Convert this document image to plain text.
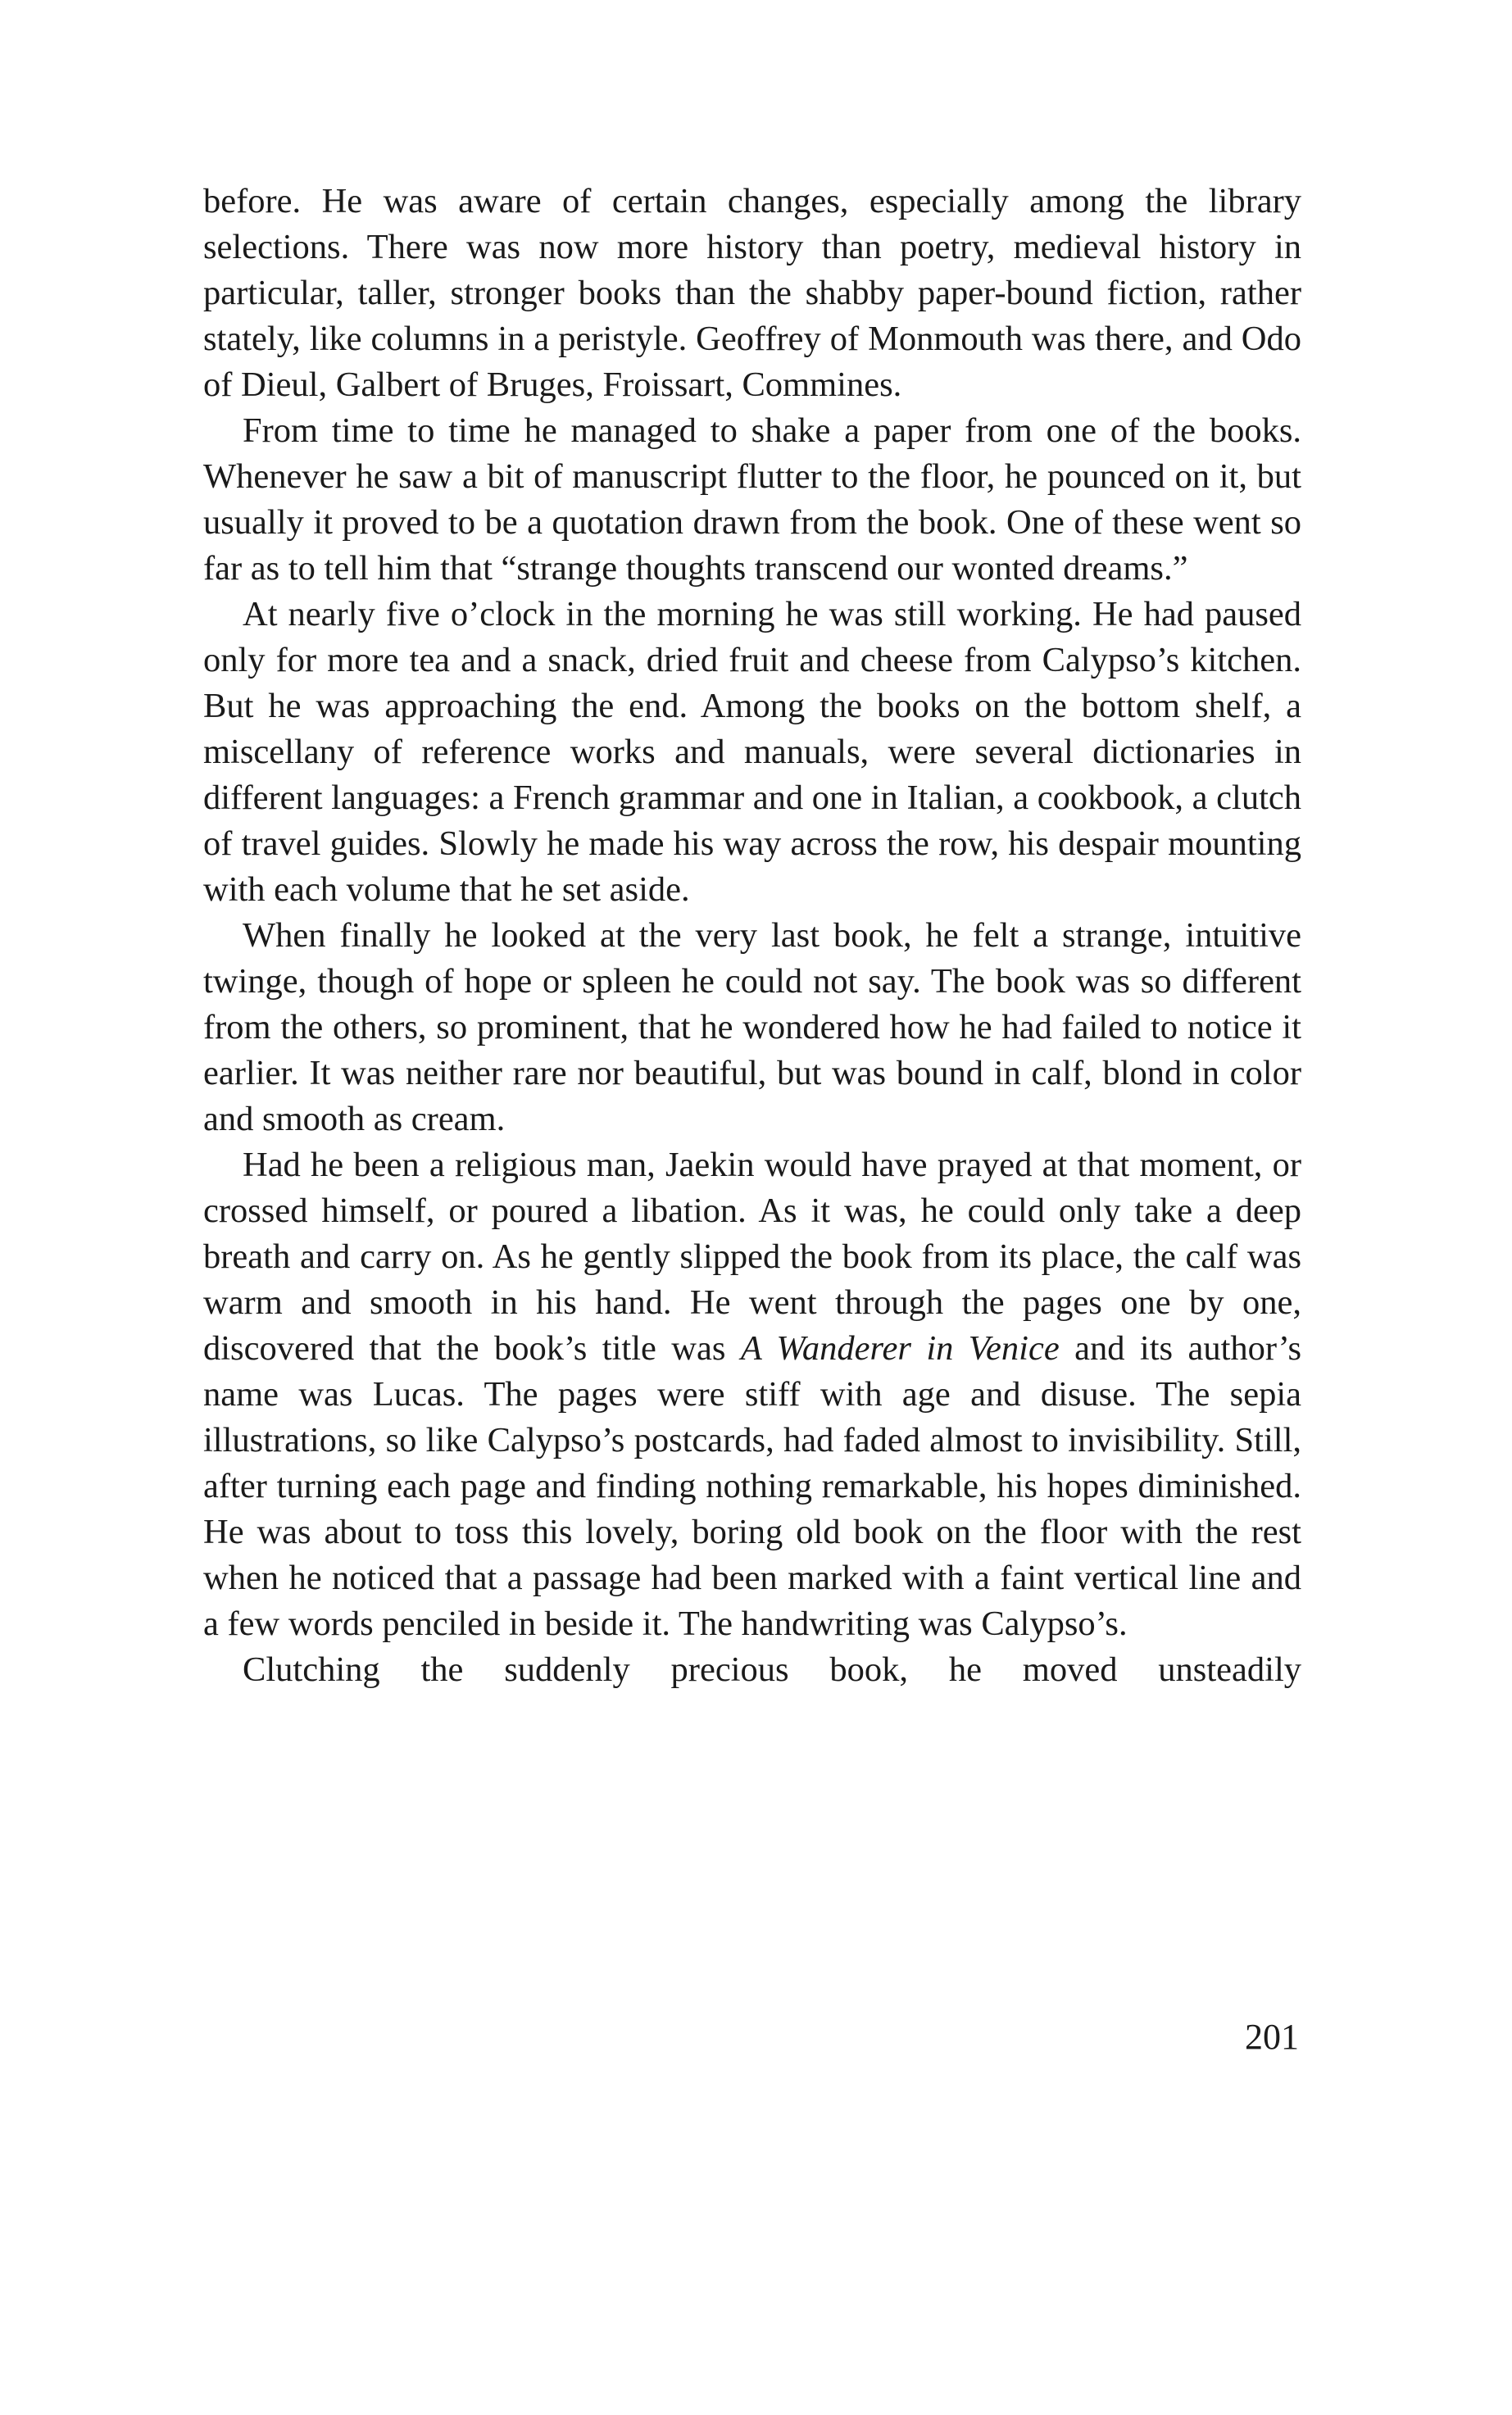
before. He was aware of certain changes, especially among the library selections. There was now more history than poetry, medieval history in particular, taller, stronger books than the shabby paper-bound fiction, rather stately, like columns in a peristyle. Geoffrey of Monmouth was there, and Odo of Dieul, Galbert of Bruges, Froissart, Commines.

From time to time he managed to shake a paper from one of the books. Whenever he saw a bit of manuscript flutter to the floor, he pounced on it, but usually it proved to be a quotation drawn from the book. One of these went so far as to tell him that “strange thoughts transcend our wonted dreams.”

At nearly five o’clock in the morning he was still working. He had paused only for more tea and a snack, dried fruit and cheese from Calypso’s kitchen. But he was approaching the end. Among the books on the bottom shelf, a miscellany of reference works and manuals, were several dictionaries in different languages: a French grammar and one in Italian, a cookbook, a clutch of travel guides. Slowly he made his way across the row, his despair mounting with each volume that he set aside.

When finally he looked at the very last book, he felt a strange, intuitive twinge, though of hope or spleen he could not say. The book was so different from the others, so prominent, that he wondered how he had failed to notice it earlier. It was neither rare nor beautiful, but was bound in calf, blond in color and smooth as cream.

Had he been a religious man, Jaekin would have prayed at that moment, or crossed himself, or poured a libation. As it was, he could only take a deep breath and carry on. As he gently slipped the book from its place, the calf was warm and smooth in his hand. He went through the pages one by one, discovered that the book’s title was A Wanderer in Venice and its author’s name was Lucas. The pages were stiff with age and disuse. The sepia illustrations, so like Calypso’s postcards, had faded almost to invisibility. Still, after turning each page and finding nothing remarkable, his hopes diminished. He was about to toss this lovely, boring old book on the floor with the rest when he noticed that a passage had been marked with a faint vertical line and a few words penciled in beside it. The handwriting was Calypso’s.

Clutching the suddenly precious book, he moved unsteadily

201
